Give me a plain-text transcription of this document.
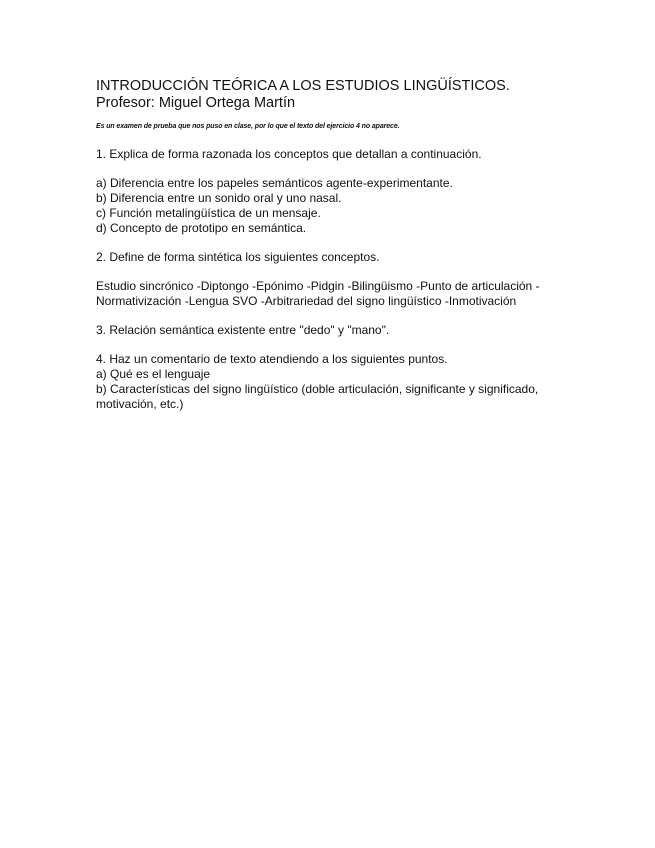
INTRODUCCIÓN TEÓRICA A LOS ESTUDIOS LINGÜÍSTICOS.
Profesor: Miguel Ortega Martín
Es un examen de prueba que nos puso en clase, por lo que el texto del ejercicio 4 no aparece.
1. Explica de forma razonada los conceptos que detallan a continuación.
a) Diferencia entre los papeles semánticos agente-experimentante.
b) Diferencia entre un sonido oral y uno nasal.
c) Función metalingüística de un mensaje.
d) Concepto de prototipo en semántica.
2. Define de forma sintética los siguientes conceptos.
Estudio sincrónico -Diptongo -Epónimo -Pidgin -Bilingüismo -Punto de articulación -Normativización -Lengua SVO -Arbitrariedad del signo lingüístico -Inmotivación
3. Relación semántica existente entre "dedo" y "mano".
4. Haz un comentario de texto atendiendo a los siguientes puntos.
a) Qué es el lenguaje
b) Características del signo lingüístico (doble articulación, significante y significado, motivación, etc.)
